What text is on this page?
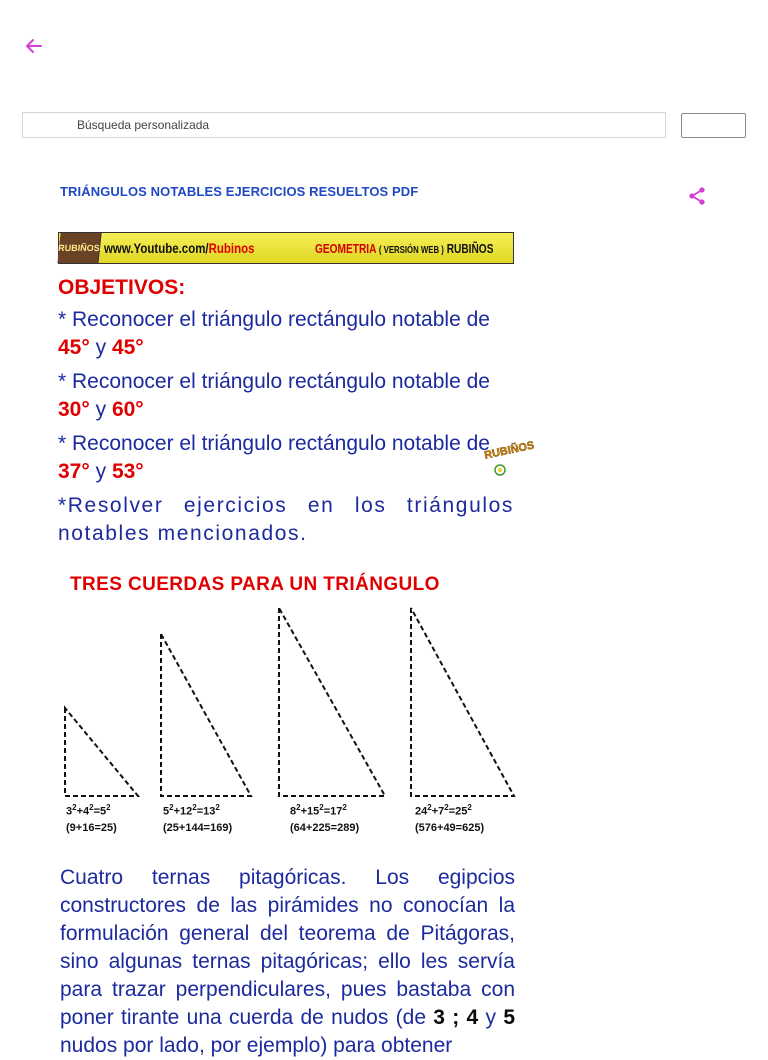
Búsqueda personalizada
TRIÁNGULOS NOTABLES EJERCICIOS RESUELTOS PDF
RUBIÑOS www.Youtube.com/Rubinos	GEOMETRIA ( VERSIÓN WEB ) RUBIÑOS
OBJETIVOS:

* Reconocer el triángulo rectángulo notable de 45° y 45°

* Reconocer el triángulo rectángulo notable de 30° y 60°

* Reconocer el triángulo rectángulo notable de 37° y 53°

*Resolver ejercicios en los triángulos notables mencionados.

RUBIÑOS
TRES CUERDAS PARA UN TRIÁNGULO
$3^2+4^2=5^2$
(9+16=25)
$5^2+12^2=13^2$
(25+144=169)
$8^2+15^2=17^2$
(64+225=289)
$24^2+7^2=25^2$
(576+49=625)

Cuatro ternas pitagóricas. Los egipcios constructores de las pirámides no conocían la formulación general del teorema de Pitágoras, sino algunas ternas pitagóricas; ello les servía para trazar perpendiculares, pues bastaba con poner tirante una cuerda de nudos (de 3 ; 4 y 5 nudos por lado, por ejemplo) para obtener
